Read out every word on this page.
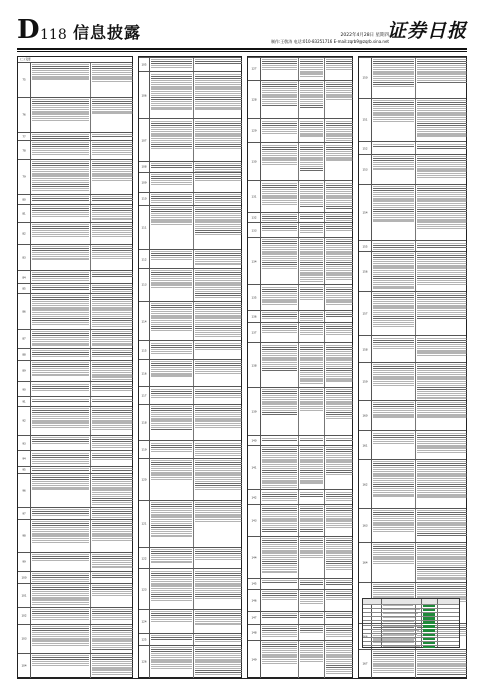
D 118 信息披露	2022年4月28日 星期四
制作:王敬涛 电话:010-83251716 E-mail:zqrb9@zqrb.sina.net
证券日报
(二) 变更
75
76
77
78
79
80
81
82
83
84
85
86
87
88
89
90
91
92
93
94
95
96
97
98
99
100
101
102
103
104
105
106
107
108
109
110
111
112
113
114
115
116
117
118
119
120
121
122
123
124
125
126
127
128
129
130
131
132
133
134
135
136
137
138
139
140
141
142
143
144
145
146
147
148
149
150
151
152
153
154
155
156
157
158
159
160
161
162
163
164
166
167
